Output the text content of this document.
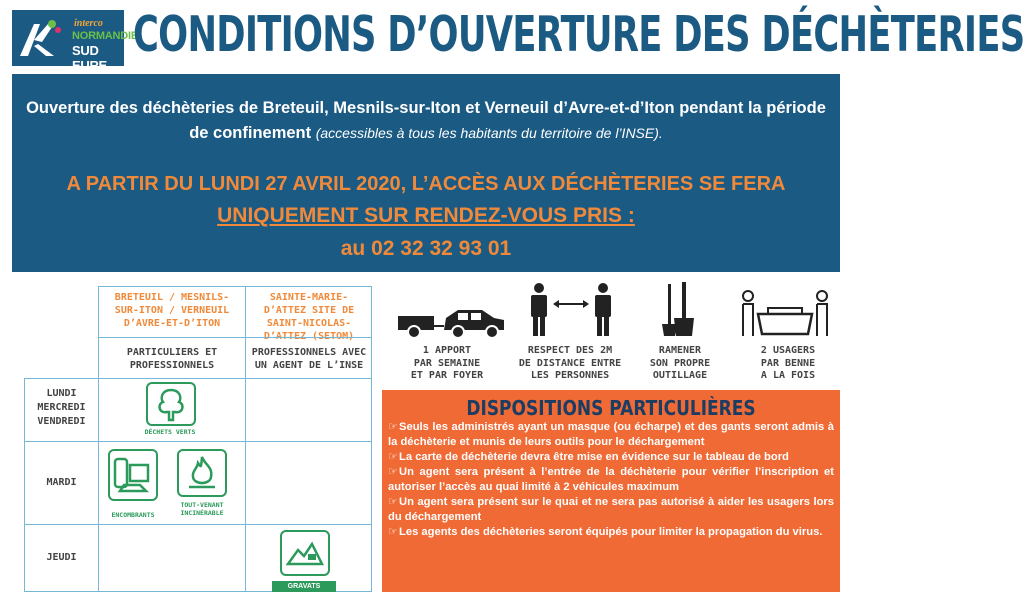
interco
NORMANDIE
SUD EURE
CONDITIONS D’OUVERTURE DES DÉCHÈTERIES
Ouverture des déchèteries de Breteuil, Mesnils-sur-Iton et Verneuil d’Avre-et-d’Iton pendant la période de confinement (accessibles à tous les habitants du territoire de l’INSE).
A PARTIR DU LUNDI 27 AVRIL 2020, L’ACCÈS AUX DÉCHÈTERIES SE FERA
UNIQUEMENT SUR RENDEZ-VOUS PRIS :
au 02 32 32 93 01
BRETEUIL / MESNILS-SUR-ITON / VERNEUIL D’AVRE-ET-D’ITON
SAINTE-MARIE-D’ATTEZ SITE DE SAINT-NICOLAS-D’ATTEZ (SETOM)
PARTICULIERS ET PROFESSIONNELS
PROFESSIONNELS AVEC UN AGENT DE L’INSE
LUNDI
MERCREDI
VENDREDI
MARDI
JEUDI
DÉCHETS VERTS
ENCOMBRANTS
TOUT-VENANT
INCINÉRABLE
GRAVATS
1 APPORT
PAR SEMAINE
ET PAR FOYER
RESPECT DES 2M
DE DISTANCE ENTRE
LES PERSONNES
RAMENER
SON PROPRE
OUTILLAGE
2 USAGERS
PAR BENNE
A LA FOIS
DISPOSITIONS PARTICULIÈRES

☞Seuls les administrés ayant un masque (ou écharpe) et des gants seront admis à la déchèterie et munis de leurs outils pour le déchargement

☞La carte de déchèterie devra être mise en évidence sur le tableau de bord

☞Un agent sera présent à l’entrée de la déchèterie pour vérifier l’inscription et autoriser l’accès au quai limité à 2 véhicules maximum

☞Un agent sera présent sur le quai et ne sera pas autorisé à aider les usagers lors du déchargement

☞Les agents des déchèteries seront équipés pour limiter la propagation du virus.
